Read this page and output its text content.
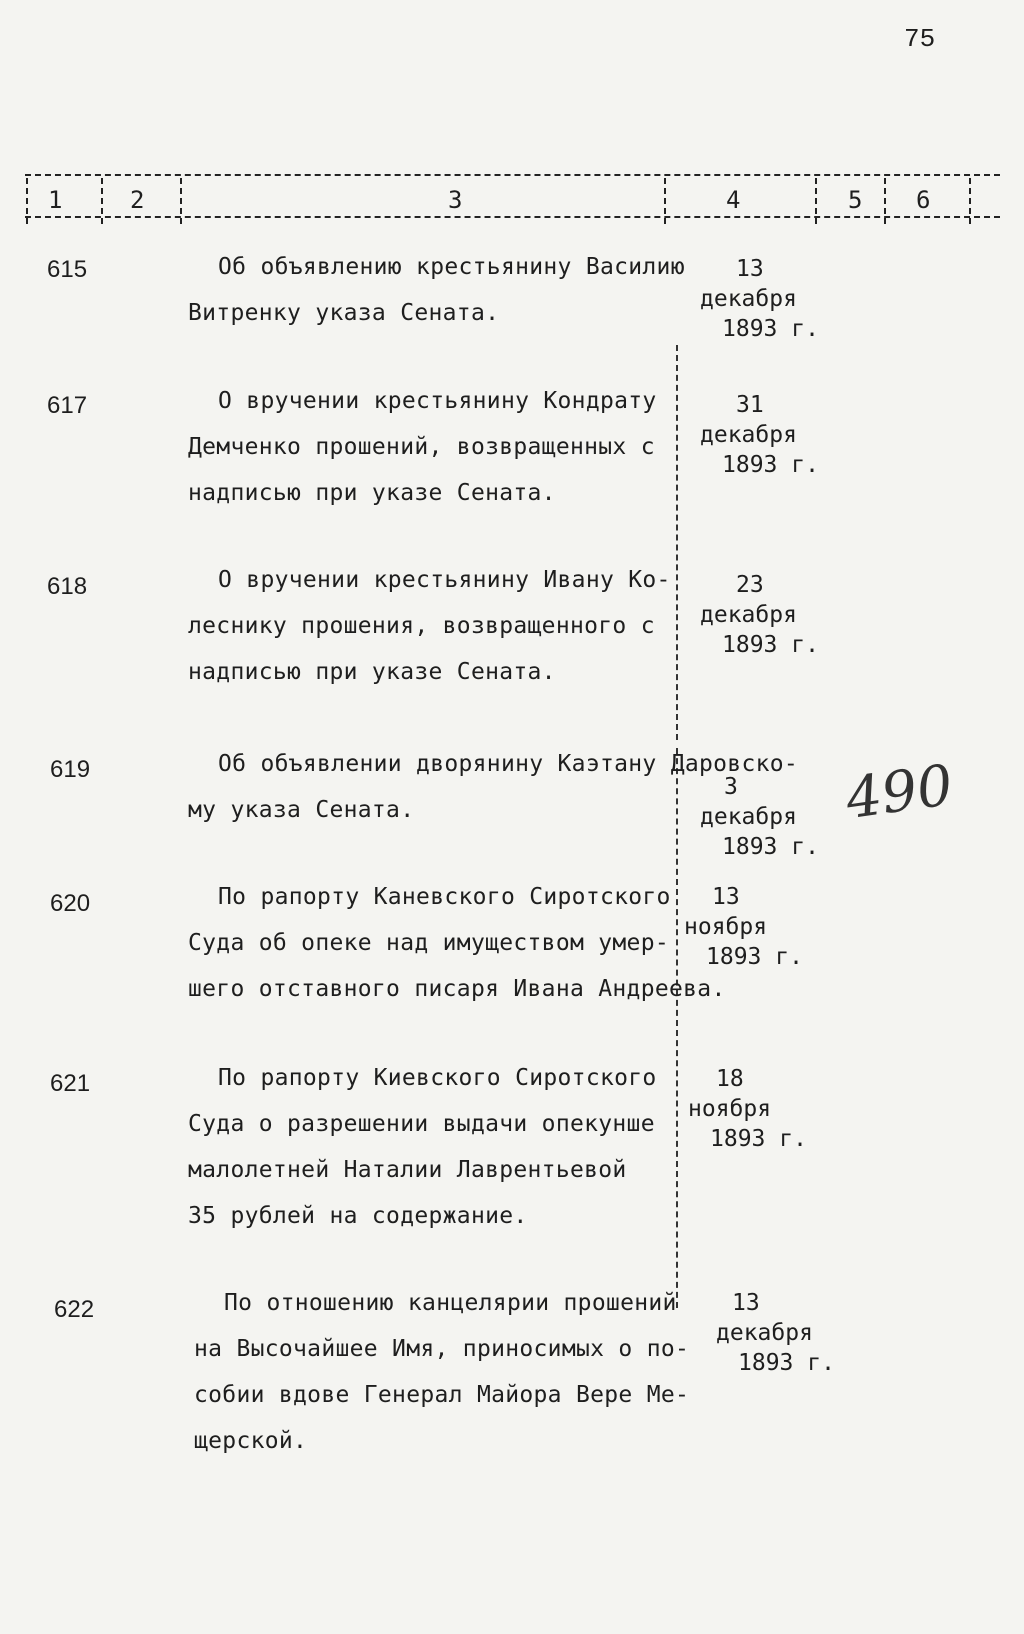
75
1	2	3	4	5 6
615	Об объявлению крестьянину Василию
Витренку указа Сената.
13
декабря
1893 г.
617	О вручении крестьянину Кондрату
Демченко прошений, возвращенных с
надписью при указе Сената.
31
декабря
1893 г.
618	О вручении крестьянину Ивану Ко-
леснику прошения, возвращенного с
надписью при указе Сената.
23
декабря
1893 г.
619	Об объявлении дворянину Каэтану Даровско-
му указа Сената.
3
декабря
1893 г.
620	По рапорту Каневского Сиротского
Суда об опеке над имуществом умер-
шего отставного писаря Ивана Андреева.
13
ноября
1893 г.
621	По рапорту Киевского Сиротского
Суда о разрешении выдачи опекунше
малолетней Наталии Лаврентьевой
35 рублей на содержание.
18
ноября
1893 г.
622	По отношению канцелярии прошений
на Высочайшее Имя, приносимых о по-
собии вдове Генерал Майора Вере Ме-
щерской.
13
декабря
1893 г.
490
